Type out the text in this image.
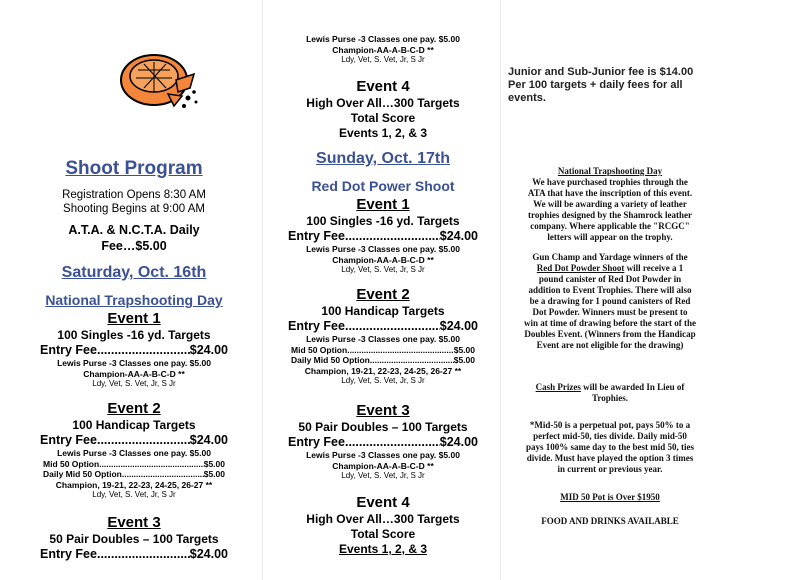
Shoot Program
Registration Opens 8:30 AM
Shooting Begins at 9:00 AM
A.T.A. & N.C.T.A. Daily
Fee…$5.00
Saturday, Oct. 16th
National Trapshooting Day
Event 1
100 Singles -16 yd. Targets
Entry Fee .....	$24.00
Lewis Purse -3 Classes one pay. $5.00
Champion-AA-A-B-C-D **
Ldy, Vet, S. Vet, Jr, S Jr
Event 2
100 Handicap Targets
Entry Fee .....	$24.00
Lewis Purse -3 Classes one pay. $5.00
Mid 50 Option .....	$5.00
Daily Mid 50 Option .....	$5.00
Champion, 19-21, 22-23, 24-25, 26-27 **
Ldy, Vet, S. Vet, Jr, S Jr
Event 3
50 Pair Doubles – 100 Targets
Entry Fee .....	$24.00
Lewis Purse -3 Classes one pay. $5.00
Champion-AA-A-B-C-D **
Ldy, Vet, S. Vet, Jr, S Jr
Event 4
High Over All…300 Targets
Total Score
Events 1, 2, & 3
Sunday, Oct. 17th
Red Dot Power Shoot
Event 1
100 Singles -16 yd. Targets
Entry Fee .....	$24.00
Lewis Purse -3 Classes one pay. $5.00
Champion-AA-A-B-C-D **
Ldy, Vet, S. Vet, Jr, S Jr
Event 2
100 Handicap Targets
Entry Fee .....	$24.00
Lewis Purse -3 Classes one pay. $5.00
Mid 50 Option .....	$5.00
Daily Mid 50 Option .....	$5.00
Champion, 19-21, 22-23, 24-25, 26-27 **
Ldy, Vet, S. Vet, Jr, S Jr
Event 3
50 Pair Doubles – 100 Targets
Entry Fee .....	$24.00
Lewis Purse -3 Classes one pay. $5.00
Champion-AA-A-B-C-D **
Ldy, Vet, S. Vet, Jr, S Jr
Event 4
High Over All…300 Targets
Total Score
Events 1, 2, & 3
Junior and Sub-Junior fee is $14.00
Per 100 targets + daily fees for all
events.
National Trapshooting Day
We have purchased trophies through the
ATA that have the inscription of this event.
We will be awarding a variety of leather
trophies designed by the Shamrock leather
company. Where applicable the "RCGC"
letters will appear on the trophy.
Gun Champ and Yardage winners of the
Red Dot Powder Shoot will receive a 1
pound canister of Red Dot Powder in
addition to Event Trophies. There will also
be a drawing for 1 pound canisters of Red
Dot Powder. Winners must be present to
win at time of drawing before the start of the
Doubles Event. (Winners from the Handicap
Event are not eligible for the drawing)
Cash Prizes will be awarded In Lieu of
Trophies.
*Mid-50 is a perpetual pot, pays 50% to a
perfect mid-50, ties divide. Daily mid-50
pays 100% same day to the best mid 50, ties
divide. Must have played the option 3 times
in current or previous year.
MID 50 Pot is Over $1950
FOOD AND DRINKS AVAILABLE
